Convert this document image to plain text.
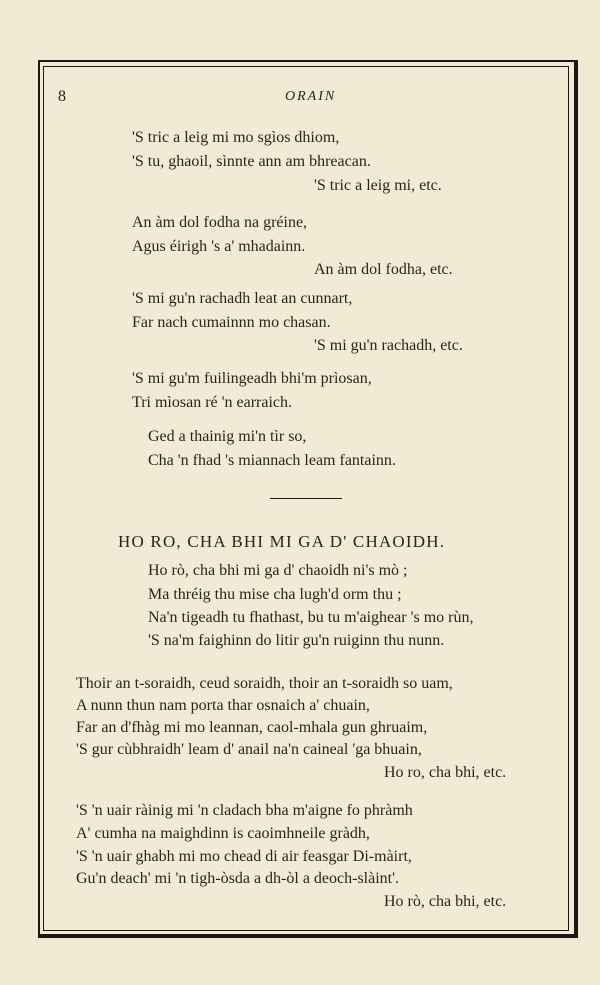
8	ORAIN
'S tric a leig mi mo sgìos dhiom,
'S tu, ghaoil, sìnnte ann am bhreacan.
'S tric a leig mi, etc.
An àm dol fodha na gréine,
Agus éirigh 's a' mhadainn.
An àm dol fodha, etc.
'S mi gu'n rachadh leat an cunnart,
Far nach cumainnn mo chasan.
'S mi gu'n rachadh, etc.
'S mi gu'm fuilingeadh bhi'm prìosan,
Tri mìosan ré 'n earraich.
Ged a thainig mi'n tìr so,
Cha 'n fhad 's miannach leam fantainn.
HO RO, CHA BHI MI GA D' CHAOIDH.
Ho rò, cha bhi mi ga d' chaoidh ni's mò ;
Ma thréig thu mise cha lugh'd orm thu ;
Na'n tigeadh tu fhathast, bu tu m'aighear 's mo rùn,
'S na'm faighinn do litir gu'n ruiginn thu nunn.
Thoir an t-soraidh, ceud soraidh, thoir an t-soraidh so uam,
A nunn thun nam porta thar osnaich a' chuain,
Far an d'fhàg mi mo leannan, caol-mhala gun ghruaim,
'S gur cùbhraidh' leam d' anail na'n caineal 'ga bhuain,
Ho ro, cha bhi, etc.
'S 'n uair ràinig mi 'n cladach bha m'aigne fo phràmh
A' cumha na maighdinn is caoimhneile gràdh,
'S 'n uair ghabh mi mo chead di air feasgar Di-màirt,
Gu'n deach' mi 'n tigh-òsda a dh-òl a deoch-slàint'.
Ho rò, cha bhi, etc.
